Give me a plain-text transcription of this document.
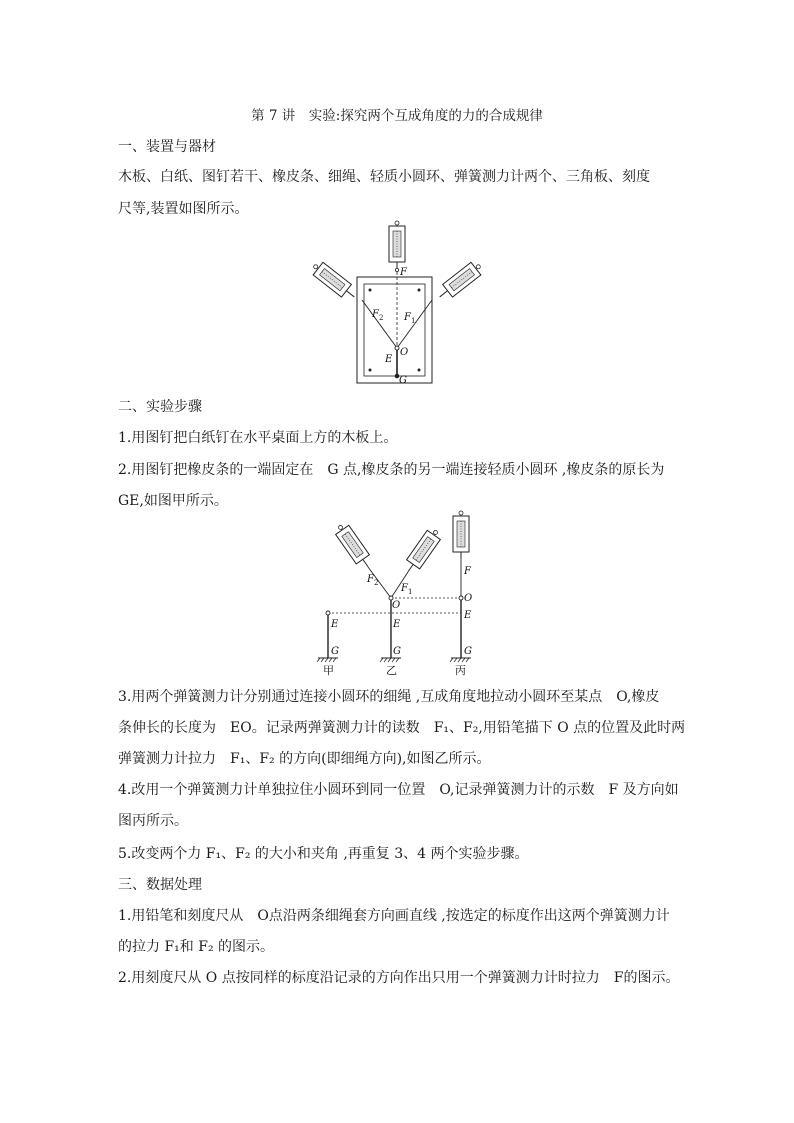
第 7 讲　实验:探究两个互成角度的力的合成规律
一、装置与器材
木板、白纸、图钉若干、橡皮条、细绳、轻质小圆环、弹簧测力计两个、三角板、刻度
尺等,装置如图所示。
F
F 2 F 1
O
E
G
二、实验步骤
1.用图钉把白纸钉在水平桌面上方的木板上。
2.用图钉把橡皮条的一端固定在　G 点,橡皮条的另一端连接轻质小圆环 ,橡皮条的原长为
GE,如图甲所示。
E
G
F 2 F 1
O
E
G
F
O
E
G
甲	乙	丙
3.用两个弹簧测力计分别通过连接小圆环的细绳 ,互成角度地拉动小圆环至某点　O,橡皮
条伸长的长度为　EO。记录两弹簧测力计的读数　F₁、F₂,用铅笔描下 O 点的位置及此时两
弹簧测力计拉力　F₁、F₂ 的方向(即细绳方向),如图乙所示。
4.改用一个弹簧测力计单独拉住小圆环到同一位置　O,记录弹簧测力计的示数　F 及方向如
图丙所示。
5.改变两个力 F₁、F₂ 的大小和夹角 ,再重复 3、4 两个实验步骤。
三、数据处理
1.用铅笔和刻度尺从　O点沿两条细绳套方向画直线 ,按选定的标度作出这两个弹簧测力计
的拉力 F₁和 F₂ 的图示。
2.用刻度尺从 O 点按同样的标度沿记录的方向作出只用一个弹簧测力计时拉力　F的图示。
